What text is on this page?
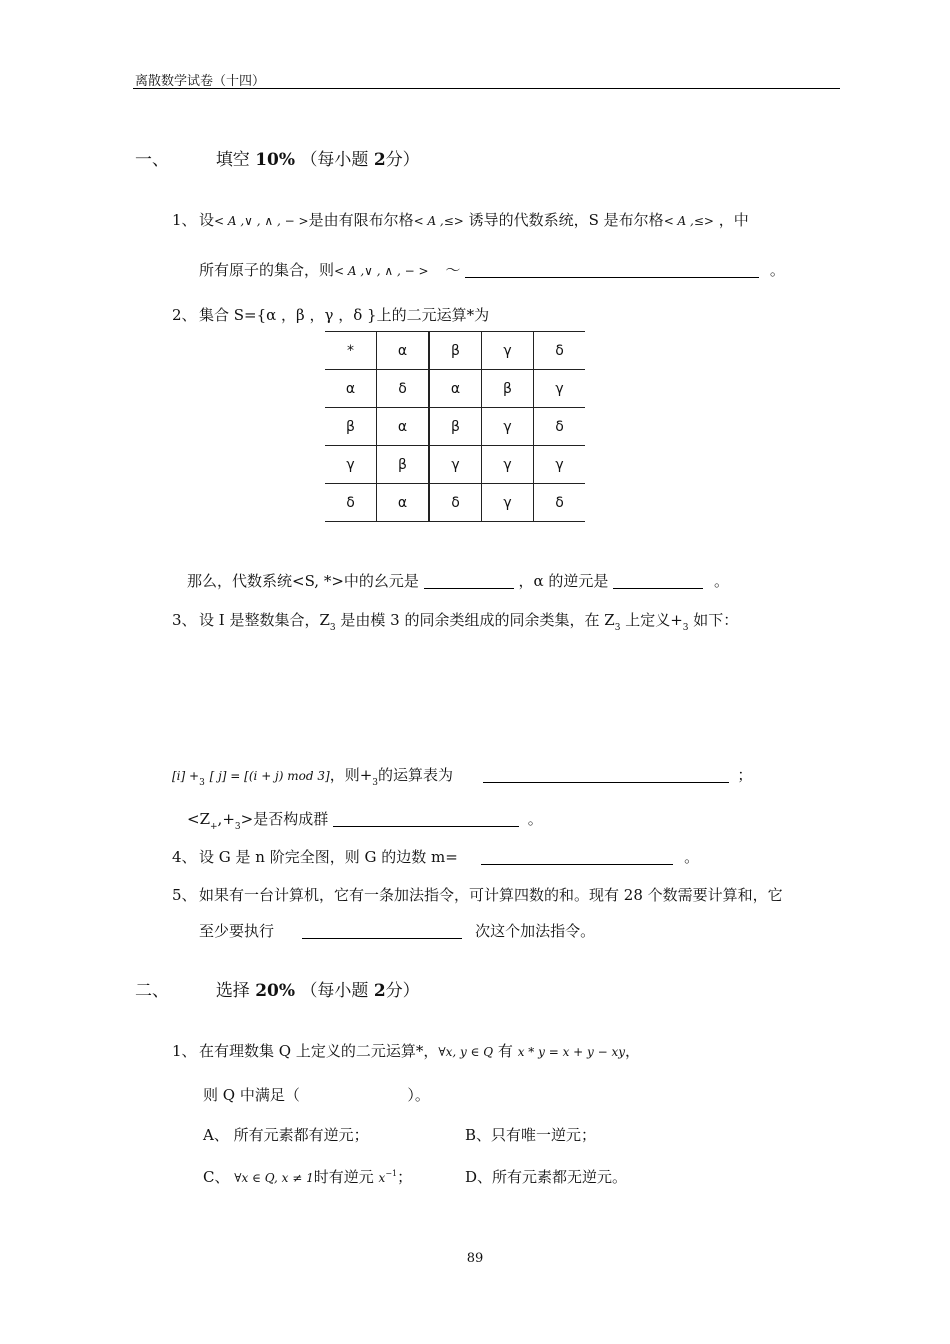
离散数学试卷（十四）
一、	填空 10% （每小题 2分）
1、 设< A ,∨ , ∧ , − >是由有限布尔格< A ,≤> 诱导的代数系统，S 是布尔格< A ,≤> ，中
所有原子的集合，则< A ,∨ , ∧ , − > ～	。
2、 集合 S={α ，β ，γ ，δ }上的二元运算*为
*	α	β	γ	δ
α	δ	α	β	γ
β	α	β	γ	δ
γ	β	γ	γ	γ
δ	α	δ	γ	δ
那么，代数系统<S, *>中的幺元是	，α 的逆元是	。
3、 设 I 是整数集合，$Z_3$ 是由模 3 的同余类组成的同余类集，在 $Z_3$ 上定义$+_3$ 如下：
$[i] +_3$ [ j] = [(i + j) mod 3]，则$+_3$的运算表为	；
$<Z_+,+_3>$是否构成群	。
4、 设 G 是 n 阶完全图，则 G 的边数 m=	。
5、 如果有一台计算机，它有一条加法指令，可计算四数的和。现有 28 个数需要计算和，它
至少要执行	次这个加法指令。
二、	选择 20% （每小题 2分）
1、 在有理数集 Q 上定义的二元运算*，∀x, y ∈ Q 有 x * y = x + y − xy，
则 Q 中满足（	）。
A、 所有元素都有逆元；	B、只有唯一逆元；
C、 ∀x ∈ Q, x ≠ 1时有逆元 $x^{-1}$；	D、所有元素都无逆元。
89
